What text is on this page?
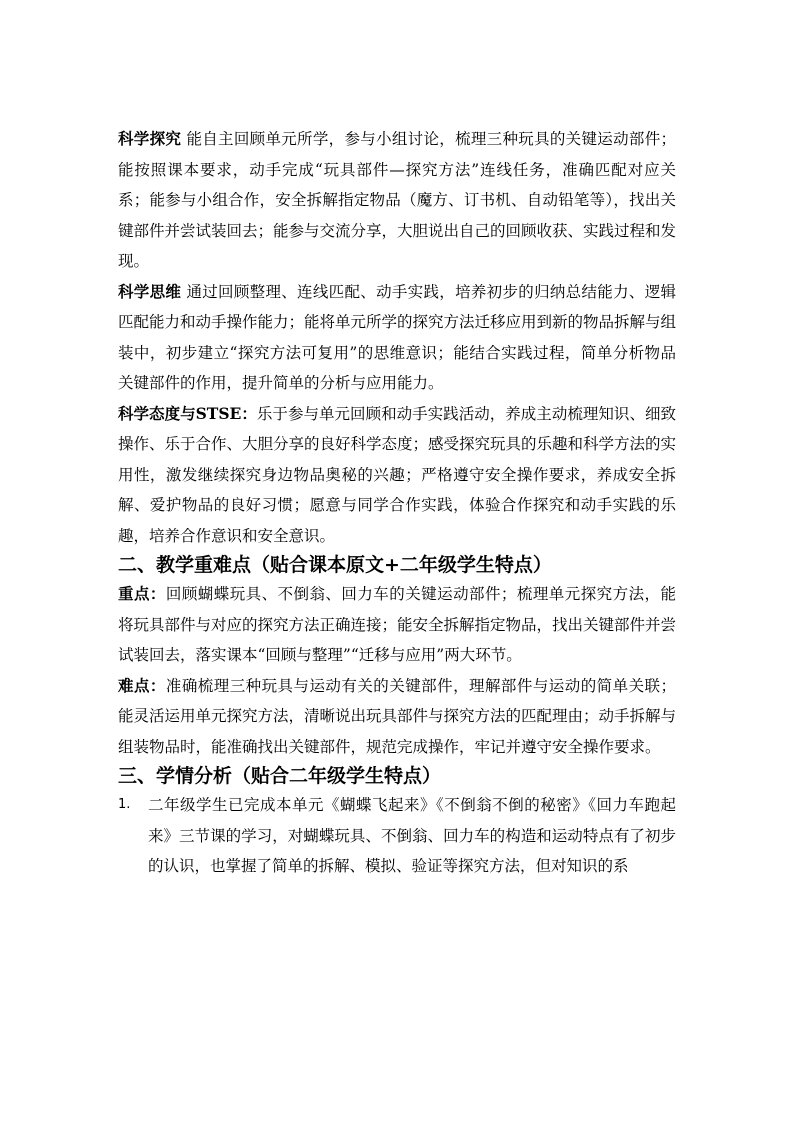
科学探究 能自主回顾单元所学，参与小组讨论，梳理三种玩具的关键运动部件；能按照课本要求，动手完成“玩具部件—探究方法”连线任务，准确匹配对应关系；能参与小组合作，安全拆解指定物品（魔方、订书机、自动铅笔等），找出关键部件并尝试装回去；能参与交流分享，大胆说出自己的回顾收获、实践过程和发现。

科学思维 通过回顾整理、连线匹配、动手实践，培养初步的归纳总结能力、逻辑匹配能力和动手操作能力；能将单元所学的探究方法迁移应用到新的物品拆解与组装中，初步建立“探究方法可复用”的思维意识；能结合实践过程，简单分析物品关键部件的作用，提升简单的分析与应用能力。

科学态度与STSE：乐于参与单元回顾和动手实践活动，养成主动梳理知识、细致操作、乐于合作、大胆分享的良好科学态度；感受探究玩具的乐趣和科学方法的实用性，激发继续探究身边物品奥秘的兴趣；严格遵守安全操作要求，养成安全拆解、爱护物品的良好习惯；愿意与同学合作实践，体验合作探究和动手实践的乐趣，培养合作意识和安全意识。

二、教学重难点（贴合课本原文+二年级学生特点）

重点：回顾蝴蝶玩具、不倒翁、回力车的关键运动部件；梳理单元探究方法，能将玩具部件与对应的探究方法正确连接；能安全拆解指定物品，找出关键部件并尝试装回去，落实课本“回顾与整理”“迁移与应用”两大环节。

难点：准确梳理三种玩具与运动有关的关键部件，理解部件与运动的简单关联；能灵活运用单元探究方法，清晰说出玩具部件与探究方法的匹配理由；动手拆解与组装物品时，能准确找出关键部件，规范完成操作，牢记并遵守安全操作要求。

三、学情分析（贴合二年级学生特点）
1.	二年级学生已完成本单元《蝴蝶飞起来》《不倒翁不倒的秘密》《回力车跑起来》三节课的学习，对蝴蝶玩具、不倒翁、回力车的构造和运动特点有了初步的认识，也掌握了简单的拆解、模拟、验证等探究方法，但对知识的系
